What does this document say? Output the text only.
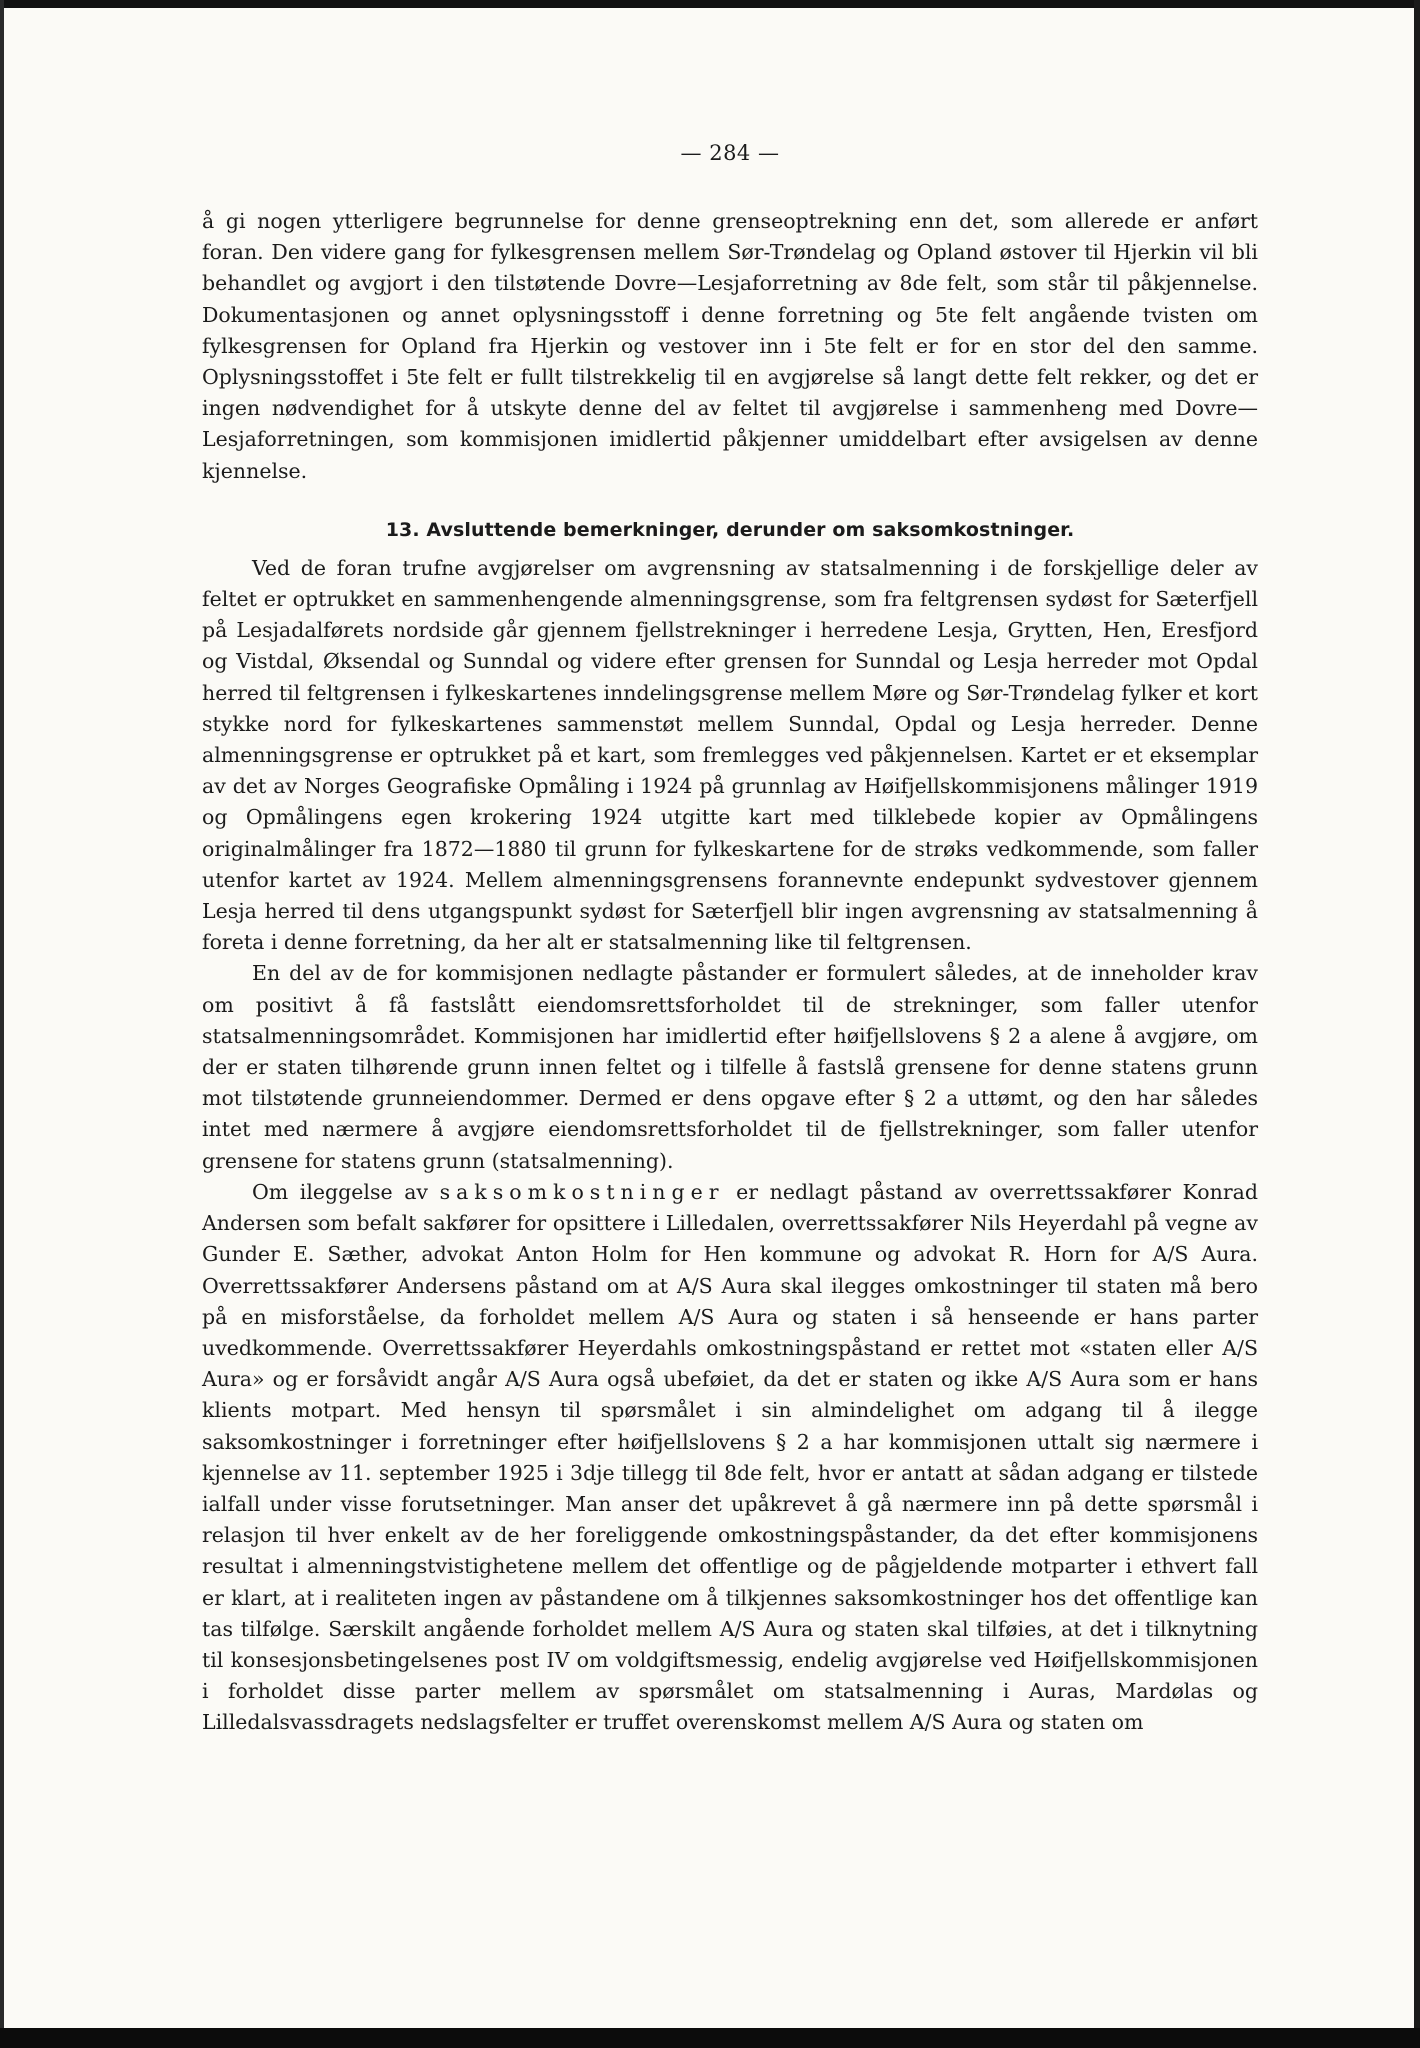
— 284 —

å gi nogen ytterligere begrunnelse for denne grenseoptrekning enn det, som allerede er anført foran. Den videre gang for fylkesgrensen mellem Sør-Trøndelag og Opland østover til Hjerkin vil bli behandlet og avgjort i den tilstøtende Dovre—Lesjaforretning av 8de felt, som står til påkjennelse. Dokumentasjonen og annet oplysningsstoff i denne forretning og 5te felt angående tvisten om fylkesgrensen for Opland fra Hjerkin og vestover inn i 5te felt er for en stor del den samme. Oplysningsstoffet i 5te felt er fullt tilstrekkelig til en avgjørelse så langt dette felt rekker, og det er ingen nødvendighet for å utskyte denne del av feltet til avgjørelse i sammenheng med Dovre—Lesjaforretningen, som kommisjonen imidlertid påkjenner umiddelbart efter avsigelsen av denne kjennelse.

13. Avsluttende bemerkninger, derunder om saksomkostninger.

Ved de foran trufne avgjørelser om avgrensning av statsalmenning i de forskjellige deler av feltet er optrukket en sammenhengende almenningsgrense, som fra feltgrensen sydøst for Sæterfjell på Lesjadalførets nordside går gjennem fjellstrekninger i herredene Lesja, Grytten, Hen, Eresfjord og Vistdal, Øksendal og Sunndal og videre efter grensen for Sunndal og Lesja herreder mot Opdal herred til feltgrensen i fylkeskartenes inndelingsgrense mellem Møre og Sør-Trøndelag fylker et kort stykke nord for fylkeskartenes sammenstøt mellem Sunndal, Opdal og Lesja herreder. Denne almenningsgrense er optrukket på et kart, som fremlegges ved påkjennelsen. Kartet er et eksemplar av det av Norges Geografiske Opmåling i 1924 på grunnlag av Høifjellskommisjonens målinger 1919 og Opmålingens egen krokering 1924 utgitte kart med tilklebede kopier av Opmålingens originalmålinger fra 1872—1880 til grunn for fylkeskartene for de strøks vedkommende, som faller utenfor kartet av 1924. Mellem almenningsgrensens forannevnte endepunkt sydvestover gjennem Lesja herred til dens utgangspunkt sydøst for Sæterfjell blir ingen avgrensning av statsalmenning å foreta i denne forretning, da her alt er statsalmenning like til feltgrensen.

En del av de for kommisjonen nedlagte påstander er formulert således, at de inneholder krav om positivt å få fastslått eiendomsrettsforholdet til de strekninger, som faller utenfor statsalmenningsområdet. Kommisjonen har imidlertid efter høifjellslovens § 2 a alene å avgjøre, om der er staten tilhørende grunn innen feltet og i tilfelle å fastslå grensene for denne statens grunn mot tilstøtende grunneiendommer. Dermed er dens opgave efter § 2 a uttømt, og den har således intet med nærmere å avgjøre eiendomsrettsforholdet til de fjellstrekninger, som faller utenfor grensene for statens grunn (statsalmenning).

Om ileggelse av saksomkostninger er nedlagt påstand av overrettssakfører Konrad Andersen som befalt sakfører for opsittere i Lilledalen, overrettssakfører Nils Heyerdahl på vegne av Gunder E. Sæther, advokat Anton Holm for Hen kommune og advokat R. Horn for A/S Aura. Overrettssakfører Andersens påstand om at A/S Aura skal ilegges omkostninger til staten må bero på en misforståelse, da forholdet mellem A/S Aura og staten i så henseende er hans parter uvedkommende. Overrettssakfører Heyerdahls omkostningspåstand er rettet mot «staten eller A/S Aura» og er forsåvidt angår A/S Aura også ubeføiet, da det er staten og ikke A/S Aura som er hans klients motpart. Med hensyn til spørsmålet i sin almindelighet om adgang til å ilegge saksomkostninger i forretninger efter høifjellslovens § 2 a har kommisjonen uttalt sig nærmere i kjennelse av 11. september 1925 i 3dje tillegg til 8de felt, hvor er antatt at sådan adgang er tilstede ialfall under visse forutsetninger. Man anser det upåkrevet å gå nærmere inn på dette spørsmål i relasjon til hver enkelt av de her foreliggende omkostningspåstander, da det efter kommisjonens resultat i almenningstvistighetene mellem det offentlige og de pågjeldende motparter i ethvert fall er klart, at i realiteten ingen av påstandene om å tilkjennes saksomkostninger hos det offentlige kan tas tilfølge. Særskilt angående forholdet mellem A/S Aura og staten skal tilføies, at det i tilknytning til konsesjonsbetingelsenes post IV om voldgiftsmessig, endelig avgjørelse ved Høifjellskommisjonen i forholdet disse parter mellem av spørsmålet om statsalmenning i Auras, Mardølas og Lilledalsvassdragets nedslagsfelter er truffet overenskomst mellem A/S Aura og staten om
